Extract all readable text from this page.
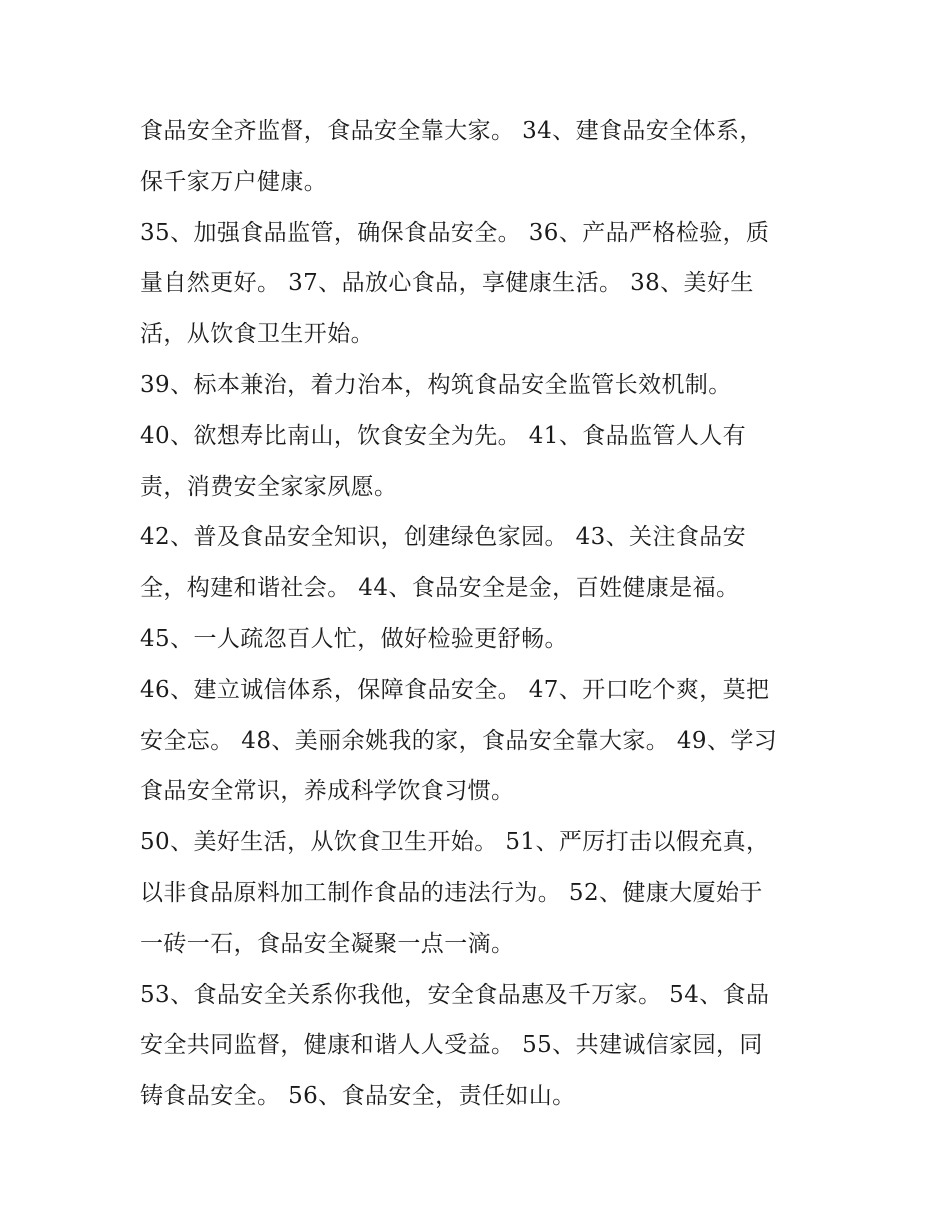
食品安全齐监督，食品安全靠大家。 34、建食品安全体系，
保千家万户健康。
35、加强食品监管，确保食品安全。 36、产品严格检验，质
量自然更好。 37、品放心食品，享健康生活。 38、美好生
活，从饮食卫生开始。
39、标本兼治，着力治本，构筑食品安全监管长效机制。
40、欲想寿比南山，饮食安全为先。 41、食品监管人人有
责，消费安全家家夙愿。
42、普及食品安全知识，创建绿色家园。 43、关注食品安
全，构建和谐社会。 44、食品安全是金，百姓健康是福。
45、一人疏忽百人忙，做好检验更舒畅。
46、建立诚信体系，保障食品安全。 47、开口吃个爽，莫把
安全忘。 48、美丽余姚我的家，食品安全靠大家。 49、学习
食品安全常识，养成科学饮食习惯。
50、美好生活，从饮食卫生开始。 51、严厉打击以假充真，
以非食品原料加工制作食品的违法行为。 52、健康大厦始于
一砖一石，食品安全凝聚一点一滴。
53、食品安全关系你我他，安全食品惠及千万家。 54、食品
安全共同监督，健康和谐人人受益。 55、共建诚信家园，同
铸食品安全。 56、食品安全，责任如山。
